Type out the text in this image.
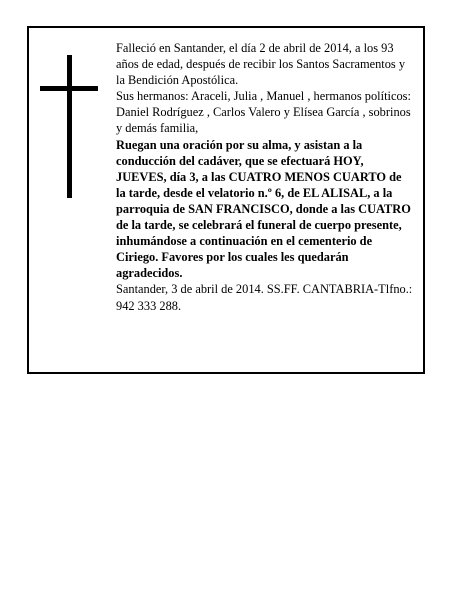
Falleció en Santander, el día 2 de abril de 2014, a los 93 años de edad, después de recibir los Santos Sacramentos y la Bendición Apostólica.

Sus hermanos: Araceli, Julia , Manuel , hermanos políticos: Daniel Rodríguez , Carlos Valero y Elísea García , sobrinos y demás familia,

Ruegan una oración por su alma, y asistan a la conducción del cadáver, que se efectuará HOY, JUEVES, día 3, a las CUATRO MENOS CUARTO de la tarde, desde el velatorio n.º 6, de EL ALISAL, a la parroquia de SAN FRANCISCO, donde a las CUATRO de la tarde, se celebrará el funeral de cuerpo presente, inhumándose a continuación en el cementerio de Ciriego. Favores por los cuales les quedarán agradecidos.

Santander, 3 de abril de 2014. SS.FF. CANTABRIA-Tlfno.: 942 333 288.
